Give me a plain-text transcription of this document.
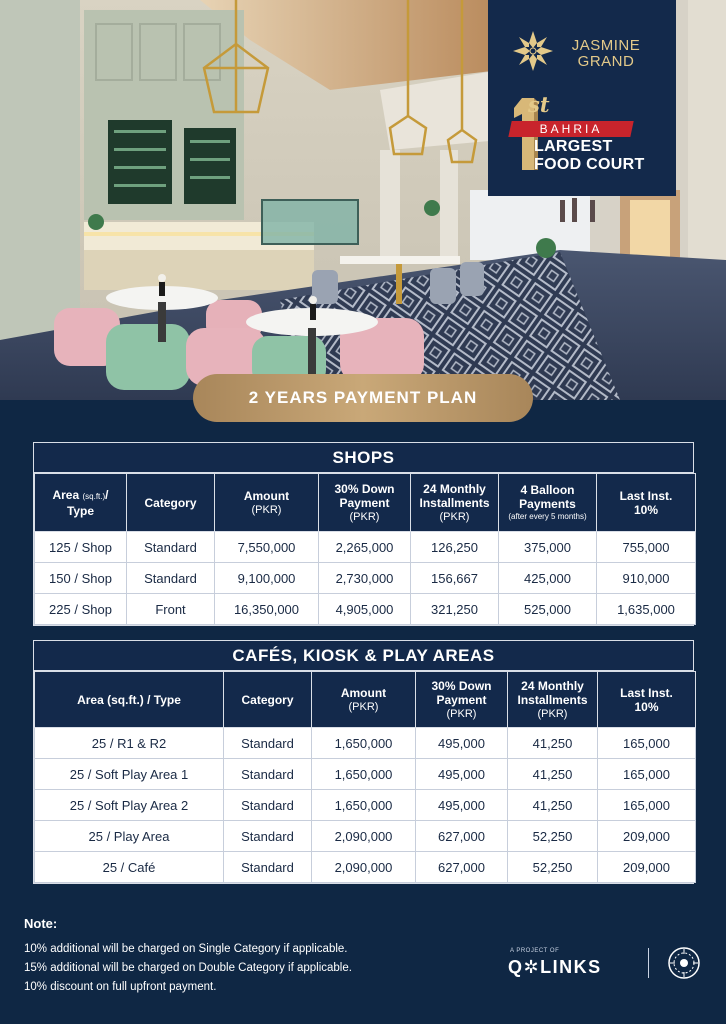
JASMINE
GRAND
st
BAHRIA
LARGEST
FOOD COURT
2 YEARS PAYMENT PLAN
SHOPS
Area (sq.ft.)/
Type	Category	Amount
(PKR)	30% Down
Payment
(PKR)	24 Monthly
Installments
(PKR)	4 Balloon
Payments
(after every 5 months)	Last Inst.
10%
125 / Shop	Standard	7,550,000	2,265,000	126,250	375,000	755,000
150 / Shop	Standard	9,100,000	2,730,000	156,667	425,000	910,000
225 / Shop	Front	16,350,000	4,905,000	321,250	525,000	1,635,000
CAFÉS, KIOSK & PLAY AREAS
Area (sq.ft.) / Type	Category	Amount
(PKR)	30% Down
Payment
(PKR)	24 Monthly
Installments
(PKR)	Last Inst.
10%
25 / R1 & R2	Standard	1,650,000	495,000	41,250	165,000
25 / Soft Play Area 1	Standard	1,650,000	495,000	41,250	165,000
25 / Soft Play Area 2	Standard	1,650,000	495,000	41,250	165,000
25 / Play Area	Standard	2,090,000	627,000	52,250	209,000
25 / Café	Standard	2,090,000	627,000	52,250	209,000
Note:
10% additional will be charged on Single Category if applicable.
15% additional will be charged on Double Category if applicable.
10% discount on full upfront payment.
A PROJECT OF
Q✲LINKS
